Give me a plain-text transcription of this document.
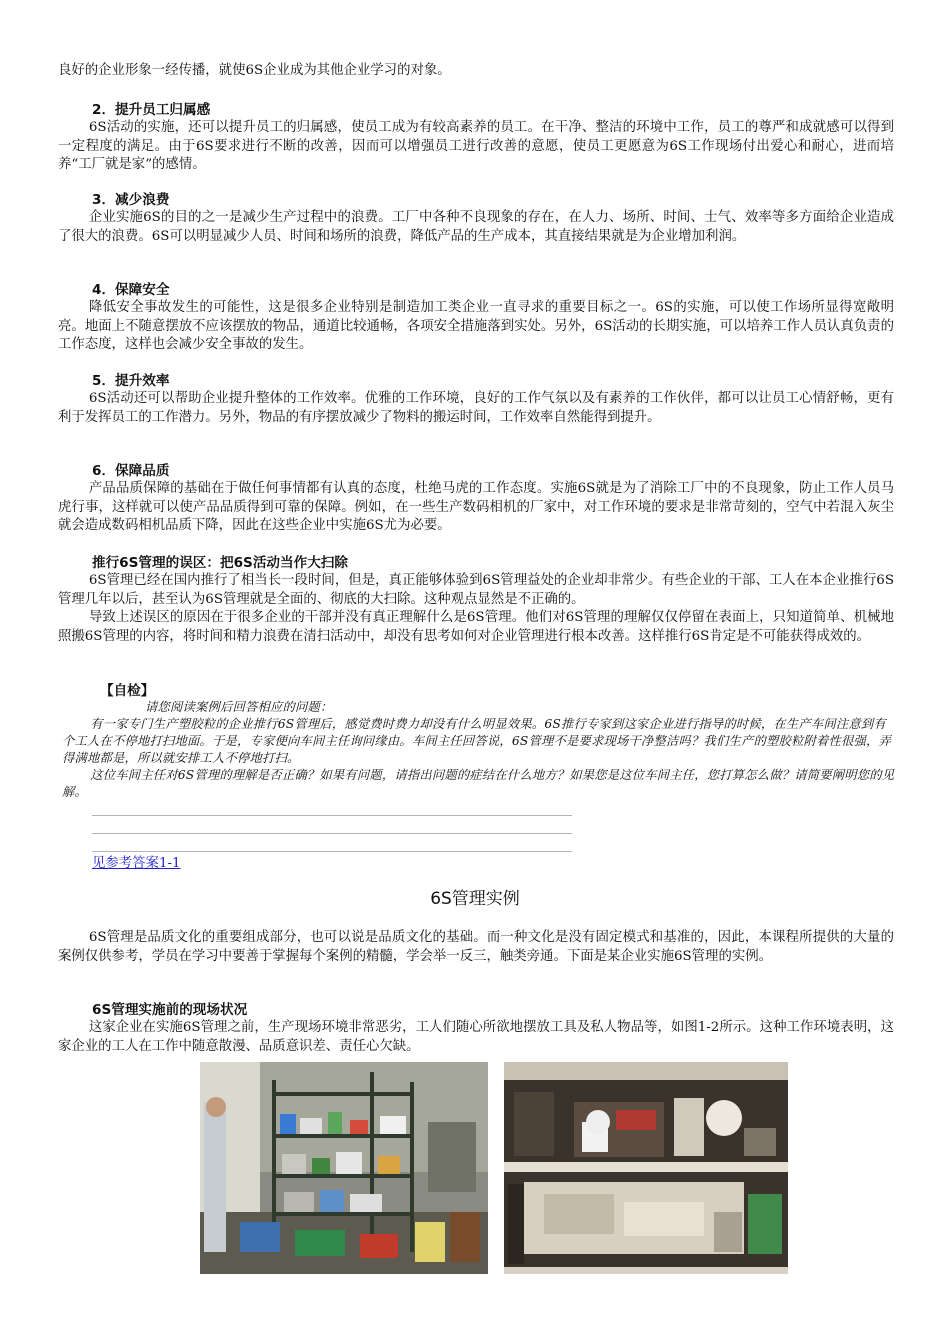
良好的企业形象一经传播，就使6S企业成为其他企业学习的对象。

2．提升员工归属感

6S活动的实施，还可以提升员工的归属感，使员工成为有较高素养的员工。在干净、整洁的环境中工作，员工的尊严和成就感可以得到一定程度的满足。由于6S要求进行不断的改善，因而可以增强员工进行改善的意愿，使员工更愿意为6S工作现场付出爱心和耐心，进而培养“工厂就是家”的感情。

3．减少浪费

企业实施6S的目的之一是减少生产过程中的浪费。工厂中各种不良现象的存在，在人力、场所、时间、士气、效率等多方面给企业造成了很大的浪费。6S可以明显减少人员、时间和场所的浪费，降低产品的生产成本，其直接结果就是为企业增加利润。

4．保障安全

降低安全事故发生的可能性，这是很多企业特别是制造加工类企业一直寻求的重要目标之一。6S的实施，可以使工作场所显得宽敞明亮。地面上不随意摆放不应该摆放的物品，通道比较通畅，各项安全措施落到实处。另外，6S活动的长期实施，可以培养工作人员认真负责的工作态度，这样也会减少安全事故的发生。

5．提升效率

6S活动还可以帮助企业提升整体的工作效率。优雅的工作环境，良好的工作气氛以及有素养的工作伙伴，都可以让员工心情舒畅，更有利于发挥员工的工作潜力。另外，物品的有序摆放减少了物料的搬运时间，工作效率自然能得到提升。

6．保障品质

产品品质保障的基础在于做任何事情都有认真的态度，杜绝马虎的工作态度。实施6S就是为了消除工厂中的不良现象，防止工作人员马虎行事，这样就可以使产品品质得到可靠的保障。例如，在一些生产数码相机的厂家中，对工作环境的要求是非常苛刻的，空气中若混入灰尘就会造成数码相机品质下降，因此在这些企业中实施6S尤为必要。

推行6S管理的误区：把6S活动当作大扫除

6S管理已经在国内推行了相当长一段时间，但是，真正能够体验到6S管理益处的企业却非常少。有些企业的干部、工人在本企业推行6S管理几年以后，甚至认为6S管理就是全面的、彻底的大扫除。这种观点显然是不正确的。

导致上述误区的原因在于很多企业的干部并没有真正理解什么是6S管理。他们对6S管理的理解仅仅停留在表面上，只知道简单、机械地照搬6S管理的内容，将时间和精力浪费在清扫活动中，却没有思考如何对企业管理进行根本改善。这样推行6S肯定是不可能获得成效的。

【自检】

请您阅读案例后回答相应的问题：

有一家专门生产塑胶粒的企业推行6S管理后，感觉费时费力却没有什么明显效果。6S推行专家到这家企业进行指导的时候，在生产车间注意到有个工人在不停地打扫地面。于是，专家便向车间主任询问缘由。车间主任回答说，6S管理不是要求现场干净整洁吗？我们生产的塑胶粒附着性很强，弄得满地都是，所以就安排工人不停地打扫。

这位车间主任对6S管理的理解是否正确？如果有问题，请指出问题的症结在什么地方？如果您是这位车间主任，您打算怎么做？请简要阐明您的见解。

见参考答案1-1

6S管理实例

6S管理是品质文化的重要组成部分，也可以说是品质文化的基础。而一种文化是没有固定模式和基准的，因此，本课程所提供的大量的案例仅供参考，学员在学习中要善于掌握每个案例的精髓，学会举一反三，触类旁通。下面是某企业实施6S管理的实例。

6S管理实施前的现场状况

这家企业在实施6S管理之前，生产现场环境非常恶劣，工人们随心所欲地摆放工具及私人物品等，如图1-2所示。这种工作环境表明，这家企业的工人在工作中随意散漫、品质意识差、责任心欠缺。
